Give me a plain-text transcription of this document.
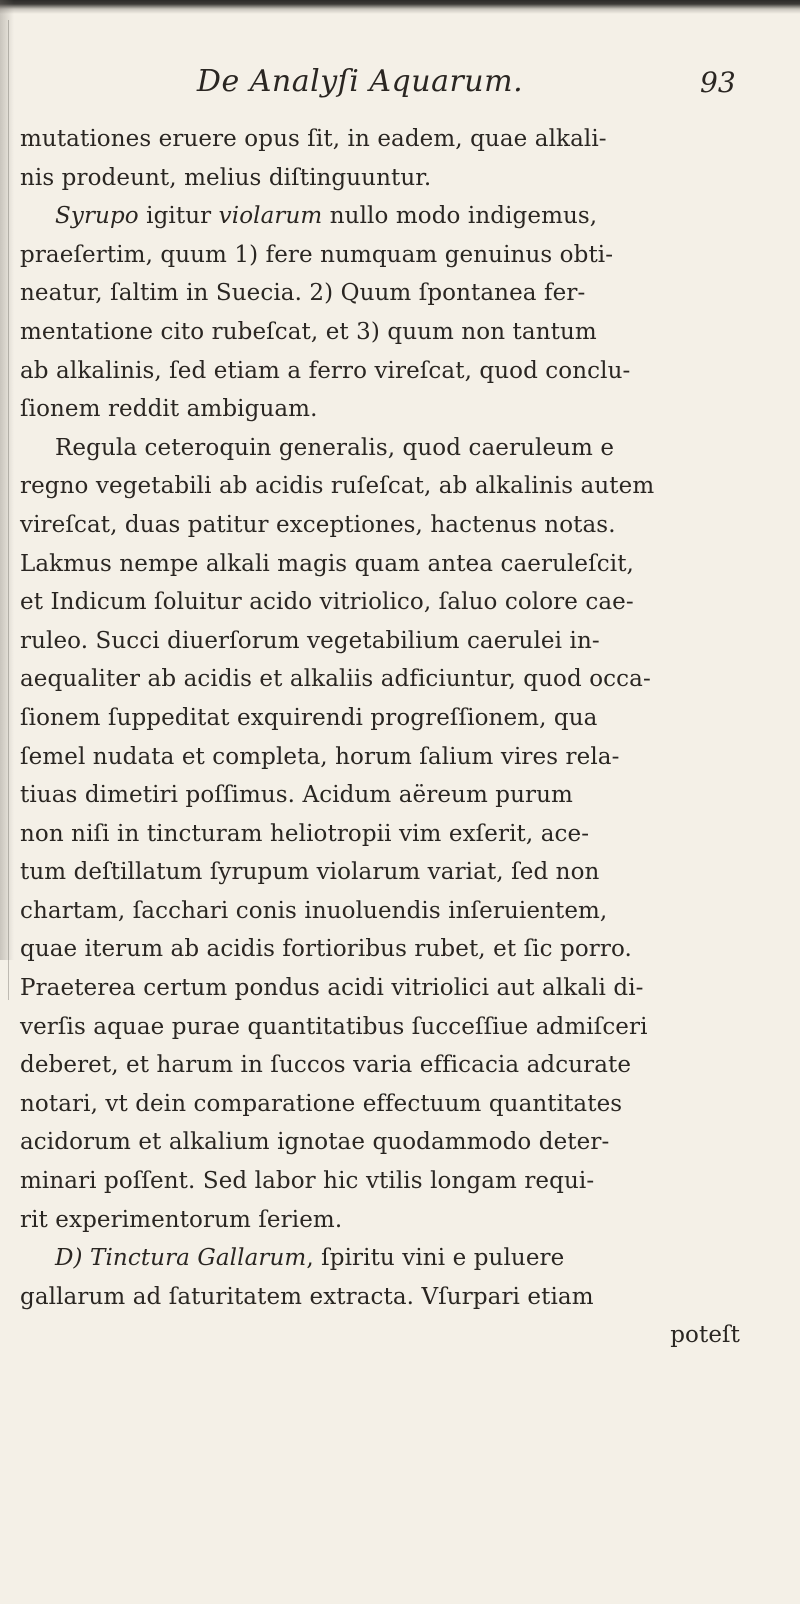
De Analyſi Aquarum.	93
mutationes eruere opus ſit, in eadem, quae alkali-
nis prodeunt, melius diſtinguuntur.
Syrupo igitur violarum nullo modo indigemus,
praeſertim, quum 1) fere numquam genuinus obti-
neatur, ſaltim in Suecia. 2) Quum ſpontanea fer-
mentatione cito rubeſcat, et 3) quum non tantum
ab alkalinis, ſed etiam a ferro vireſcat, quod conclu-
ſionem reddit ambiguam.
Regula ceteroquin generalis, quod caeruleum e
regno vegetabili ab acidis ruſeſcat, ab alkalinis autem
vireſcat, duas patitur exceptiones, hactenus notas.
Lakmus nempe alkali magis quam antea caeruleſcit,
et Indicum ſoluitur acido vitriolico, ſaluo colore cae-
ruleo. Succi diuerſorum vegetabilium caerulei in-
aequaliter ab acidis et alkaliis adficiuntur, quod occa-
ſionem ſuppeditat exquirendi progreſſionem, qua
ſemel nudata et completa, horum ſalium vires rela-
tiuas dimetiri poſſimus. Acidum aëreum purum
non niſi in tincturam heliotropii vim exſerit, ace-
tum deſtillatum ſyrupum violarum variat, ſed non
chartam, ſacchari conis inuoluendis inſeruientem,
quae iterum ab acidis fortioribus rubet, et ſic porro.
Praeterea certum pondus acidi vitriolici aut alkali di-
verſis aquae purae quantitatibus ſucceſſiue admiſceri
deberet, et harum in ſuccos varia efficacia adcurate
notari, vt dein comparatione effectuum quantitates
acidorum et alkalium ignotae quodammodo deter-
minari poſſent. Sed labor hic vtilis longam requi-
rit experimentorum ſeriem.
D) Tinctura Gallarum, ſpiritu vini e puluere
gallarum ad ſaturitatem extracta. Vſurpari etiam
poteſt
